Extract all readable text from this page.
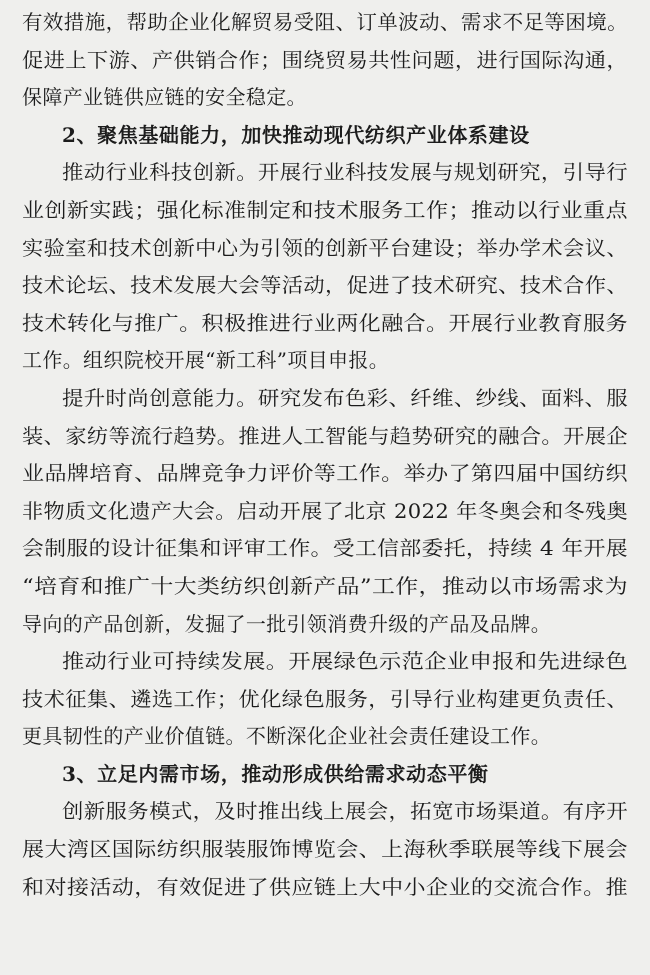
有效措施，帮助企业化解贸易受阻、订单波动、需求不足等困境。
促进上下游、产供销合作；围绕贸易共性问题，进行国际沟通，
保障产业链供应链的安全稳定。
2、聚焦基础能力，加快推动现代纺织产业体系建设
推动行业科技创新。开展行业科技发展与规划研究，引导行
业创新实践；强化标准制定和技术服务工作；推动以行业重点
实验室和技术创新中心为引领的创新平台建设；举办学术会议、
技术论坛、技术发展大会等活动，促进了技术研究、技术合作、
技术转化与推广。积极推进行业两化融合。开展行业教育服务
工作。组织院校开展“新工科”项目申报。
提升时尚创意能力。研究发布色彩、纤维、纱线、面料、服
装、家纺等流行趋势。推进人工智能与趋势研究的融合。开展企
业品牌培育、品牌竞争力评价等工作。举办了第四届中国纺织
非物质文化遗产大会。启动开展了北京 2022 年冬奥会和冬残奥
会制服的设计征集和评审工作。受工信部委托，持续 4 年开展
“培育和推广十大类纺织创新产品”工作，推动以市场需求为
导向的产品创新，发掘了一批引领消费升级的产品及品牌。
推动行业可持续发展。开展绿色示范企业申报和先进绿色
技术征集、遴选工作；优化绿色服务，引导行业构建更负责任、
更具韧性的产业价值链。不断深化企业社会责任建设工作。
3、立足内需市场，推动形成供给需求动态平衡
创新服务模式，及时推出线上展会，拓宽市场渠道。有序开
展大湾区国际纺织服装服饰博览会、上海秋季联展等线下展会
和对接活动，有效促进了供应链上大中小企业的交流合作。推
